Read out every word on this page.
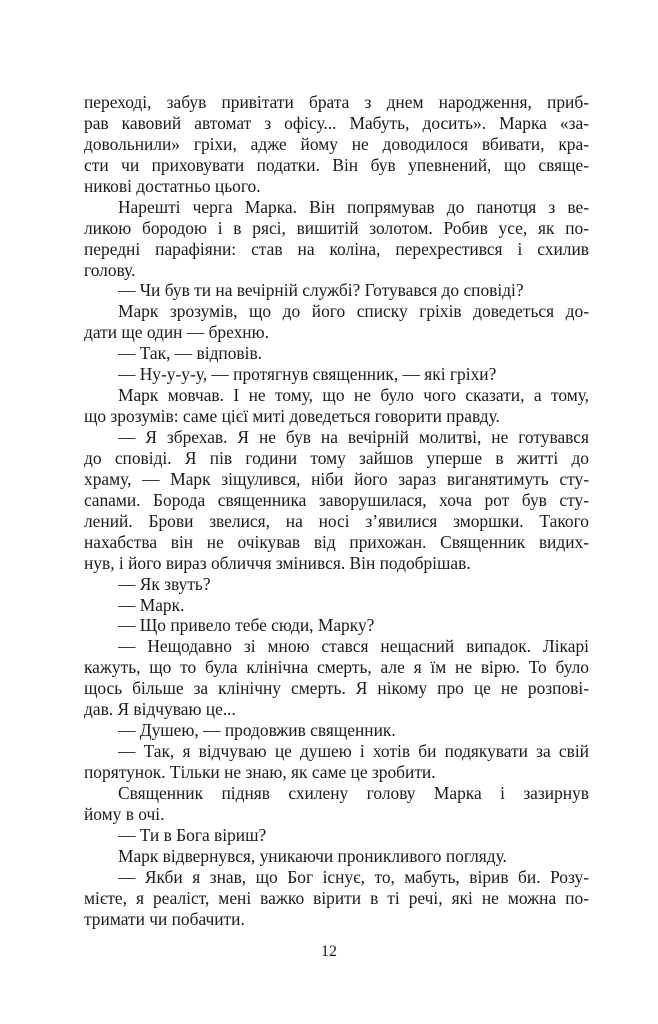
переході, забув привітати брата з днем народження, приб-
рав кавовий автомат з офісу... Мабуть, досить». Марка «за-
довольнили» гріхи, адже йому не доводилося вбивати, кра-
сти чи приховувати податки. Він був упевнений, що свяще-
никові достатньо цього.
Нарешті черга Марка. Він попрямував до панотця з ве-
ликою бородою і в рясі, вишитій золотом. Робив усе, як по-
передні парафіяни: став на коліна, перехрестився і схилив
голову.
— Чи був ти на вечірній службі? Готувався до сповіді?
Марк зрозумів, що до його списку гріхів доведеться до-
дати ще один — брехню.
— Так, — відповів.
— Ну-у-у-у, — протягнув священник, — які гріхи?
Марк мовчав. І не тому, що не було чого сказати, а тому,
що зрозумів: саме цієї миті доведеться говорити правду.
— Я збрехав. Я не був на вечірній молитві, не готувався
до сповіді. Я пів години тому зайшов уперше в житті до
храму, — Марк зіщулився, ніби його зараз виганятимуть сту-
сanами. Борода священника заворушилася, хоча рот був сту-
лений. Брови звелися, на носі з’явилися зморшки. Такого
нахабства він не очікував від прихожан. Священник видих-
нув, і його вираз обличчя змінився. Він подобрішав.
— Як звуть?
— Марк.
— Що привело тебе сюди, Марку?
— Нещодавно зі мною стався нещасний випадок. Лікарі
кажуть, що то була клінічна смерть, але я їм не вірю. То було
щось більше за клінічну смерть. Я нікому про це не розпові-
дав. Я відчуваю це...
— Душею, — продовжив священник.
— Так, я відчуваю це душею і хотів би подякувати за свій
порятунок. Тільки не знаю, як саме це зробити.
Священник підняв схилену голову Марка і зазирнув
йому в очі.
— Ти в Бога віриш?
Марк відвернувся, уникаючи проникливого погляду.
— Якби я знав, що Бог існує, то, мабуть, вірив би. Розу-
мієте, я реаліст, мені важко вірити в ті речі, які не можна по-
тримати чи побачити.
12
